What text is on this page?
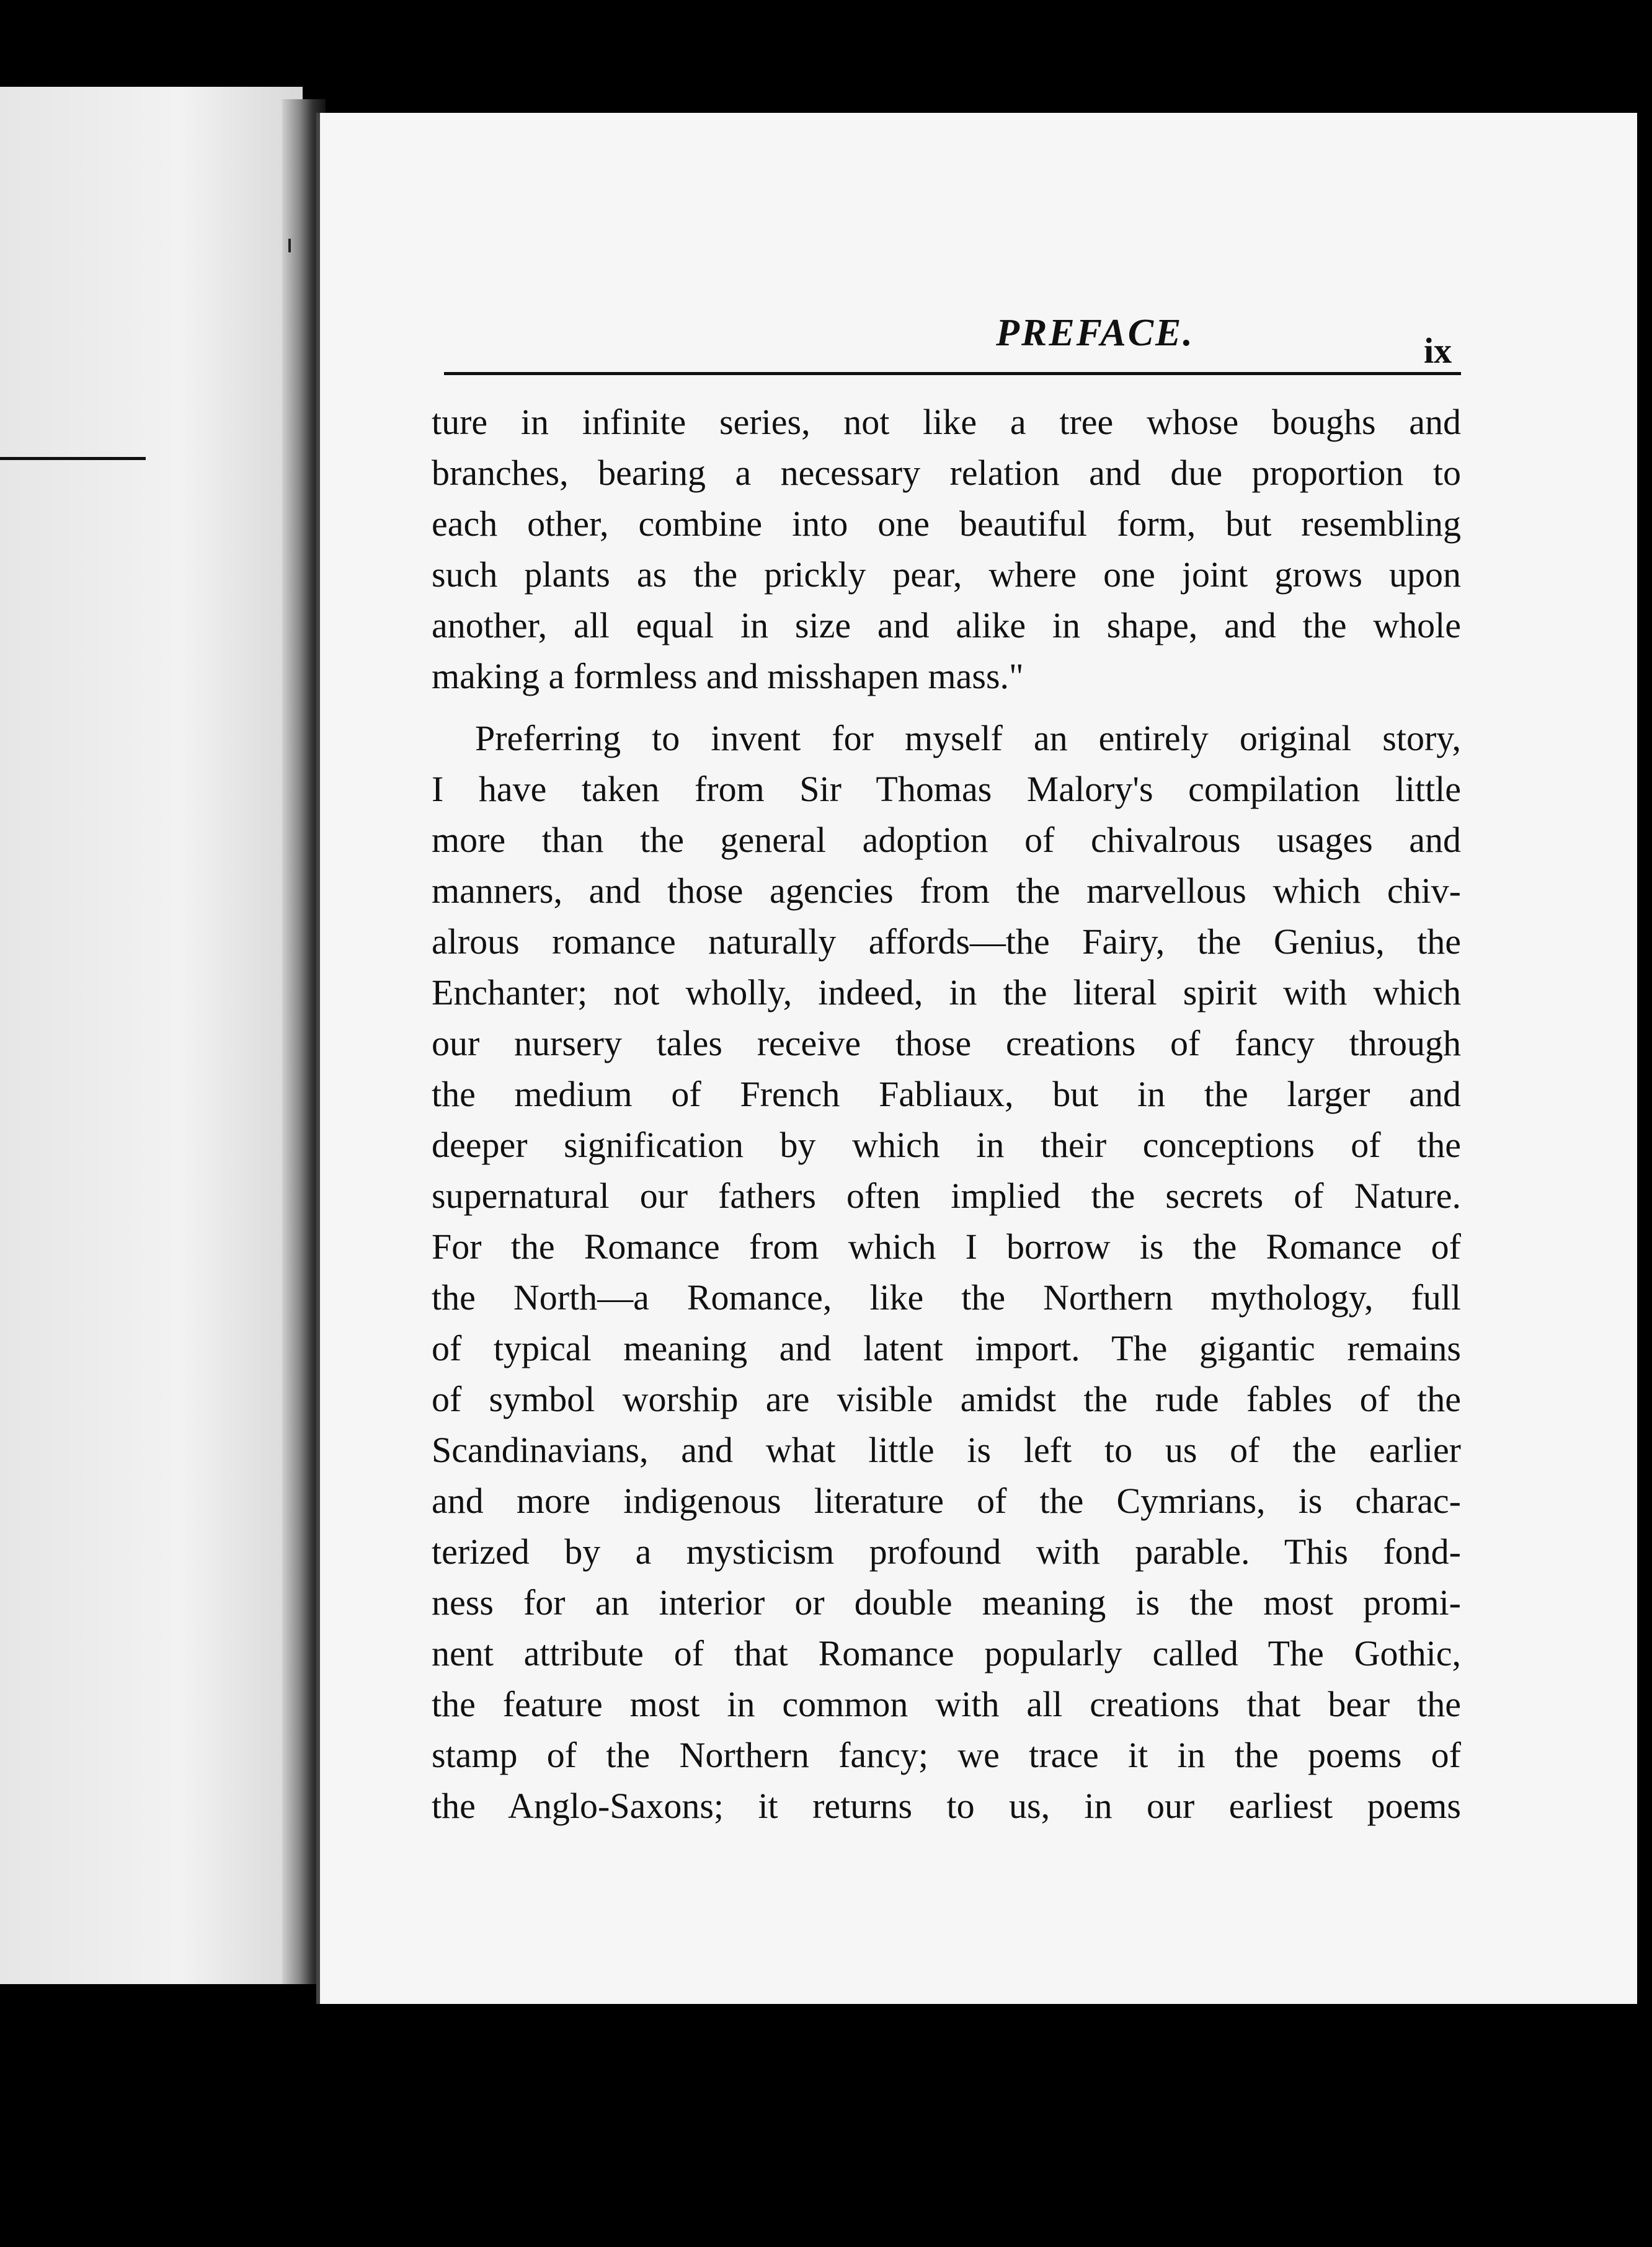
PREFACE.	ix
ture in infinite series, not like a tree whose boughs and
branches, bearing a necessary relation and due proportion to
each other, combine into one beautiful form, but resembling
such plants as the prickly pear, where one joint grows upon
another, all equal in size and alike in shape, and the whole
making a formless and misshapen mass."
Preferring to invent for myself an entirely original story,
I have taken from Sir Thomas Malory's compilation little
more than the general adoption of chivalrous usages and
manners, and those agencies from the marvellous which chiv-
alrous romance naturally affords—the Fairy, the Genius, the
Enchanter; not wholly, indeed, in the literal spirit with which
our nursery tales receive those creations of fancy through
the medium of French Fabliaux, but in the larger and
deeper signification by which in their conceptions of the
supernatural our fathers often implied the secrets of Nature.
For the Romance from which I borrow is the Romance of
the North—a Romance, like the Northern mythology, full
of typical meaning and latent import. The gigantic remains
of symbol worship are visible amidst the rude fables of the
Scandinavians, and what little is left to us of the earlier
and more indigenous literature of the Cymrians, is charac-
terized by a mysticism profound with parable. This fond-
ness for an interior or double meaning is the most promi-
nent attribute of that Romance popularly called The Gothic,
the feature most in common with all creations that bear the
stamp of the Northern fancy; we trace it in the poems of
the Anglo-Saxons; it returns to us, in our earliest poems
